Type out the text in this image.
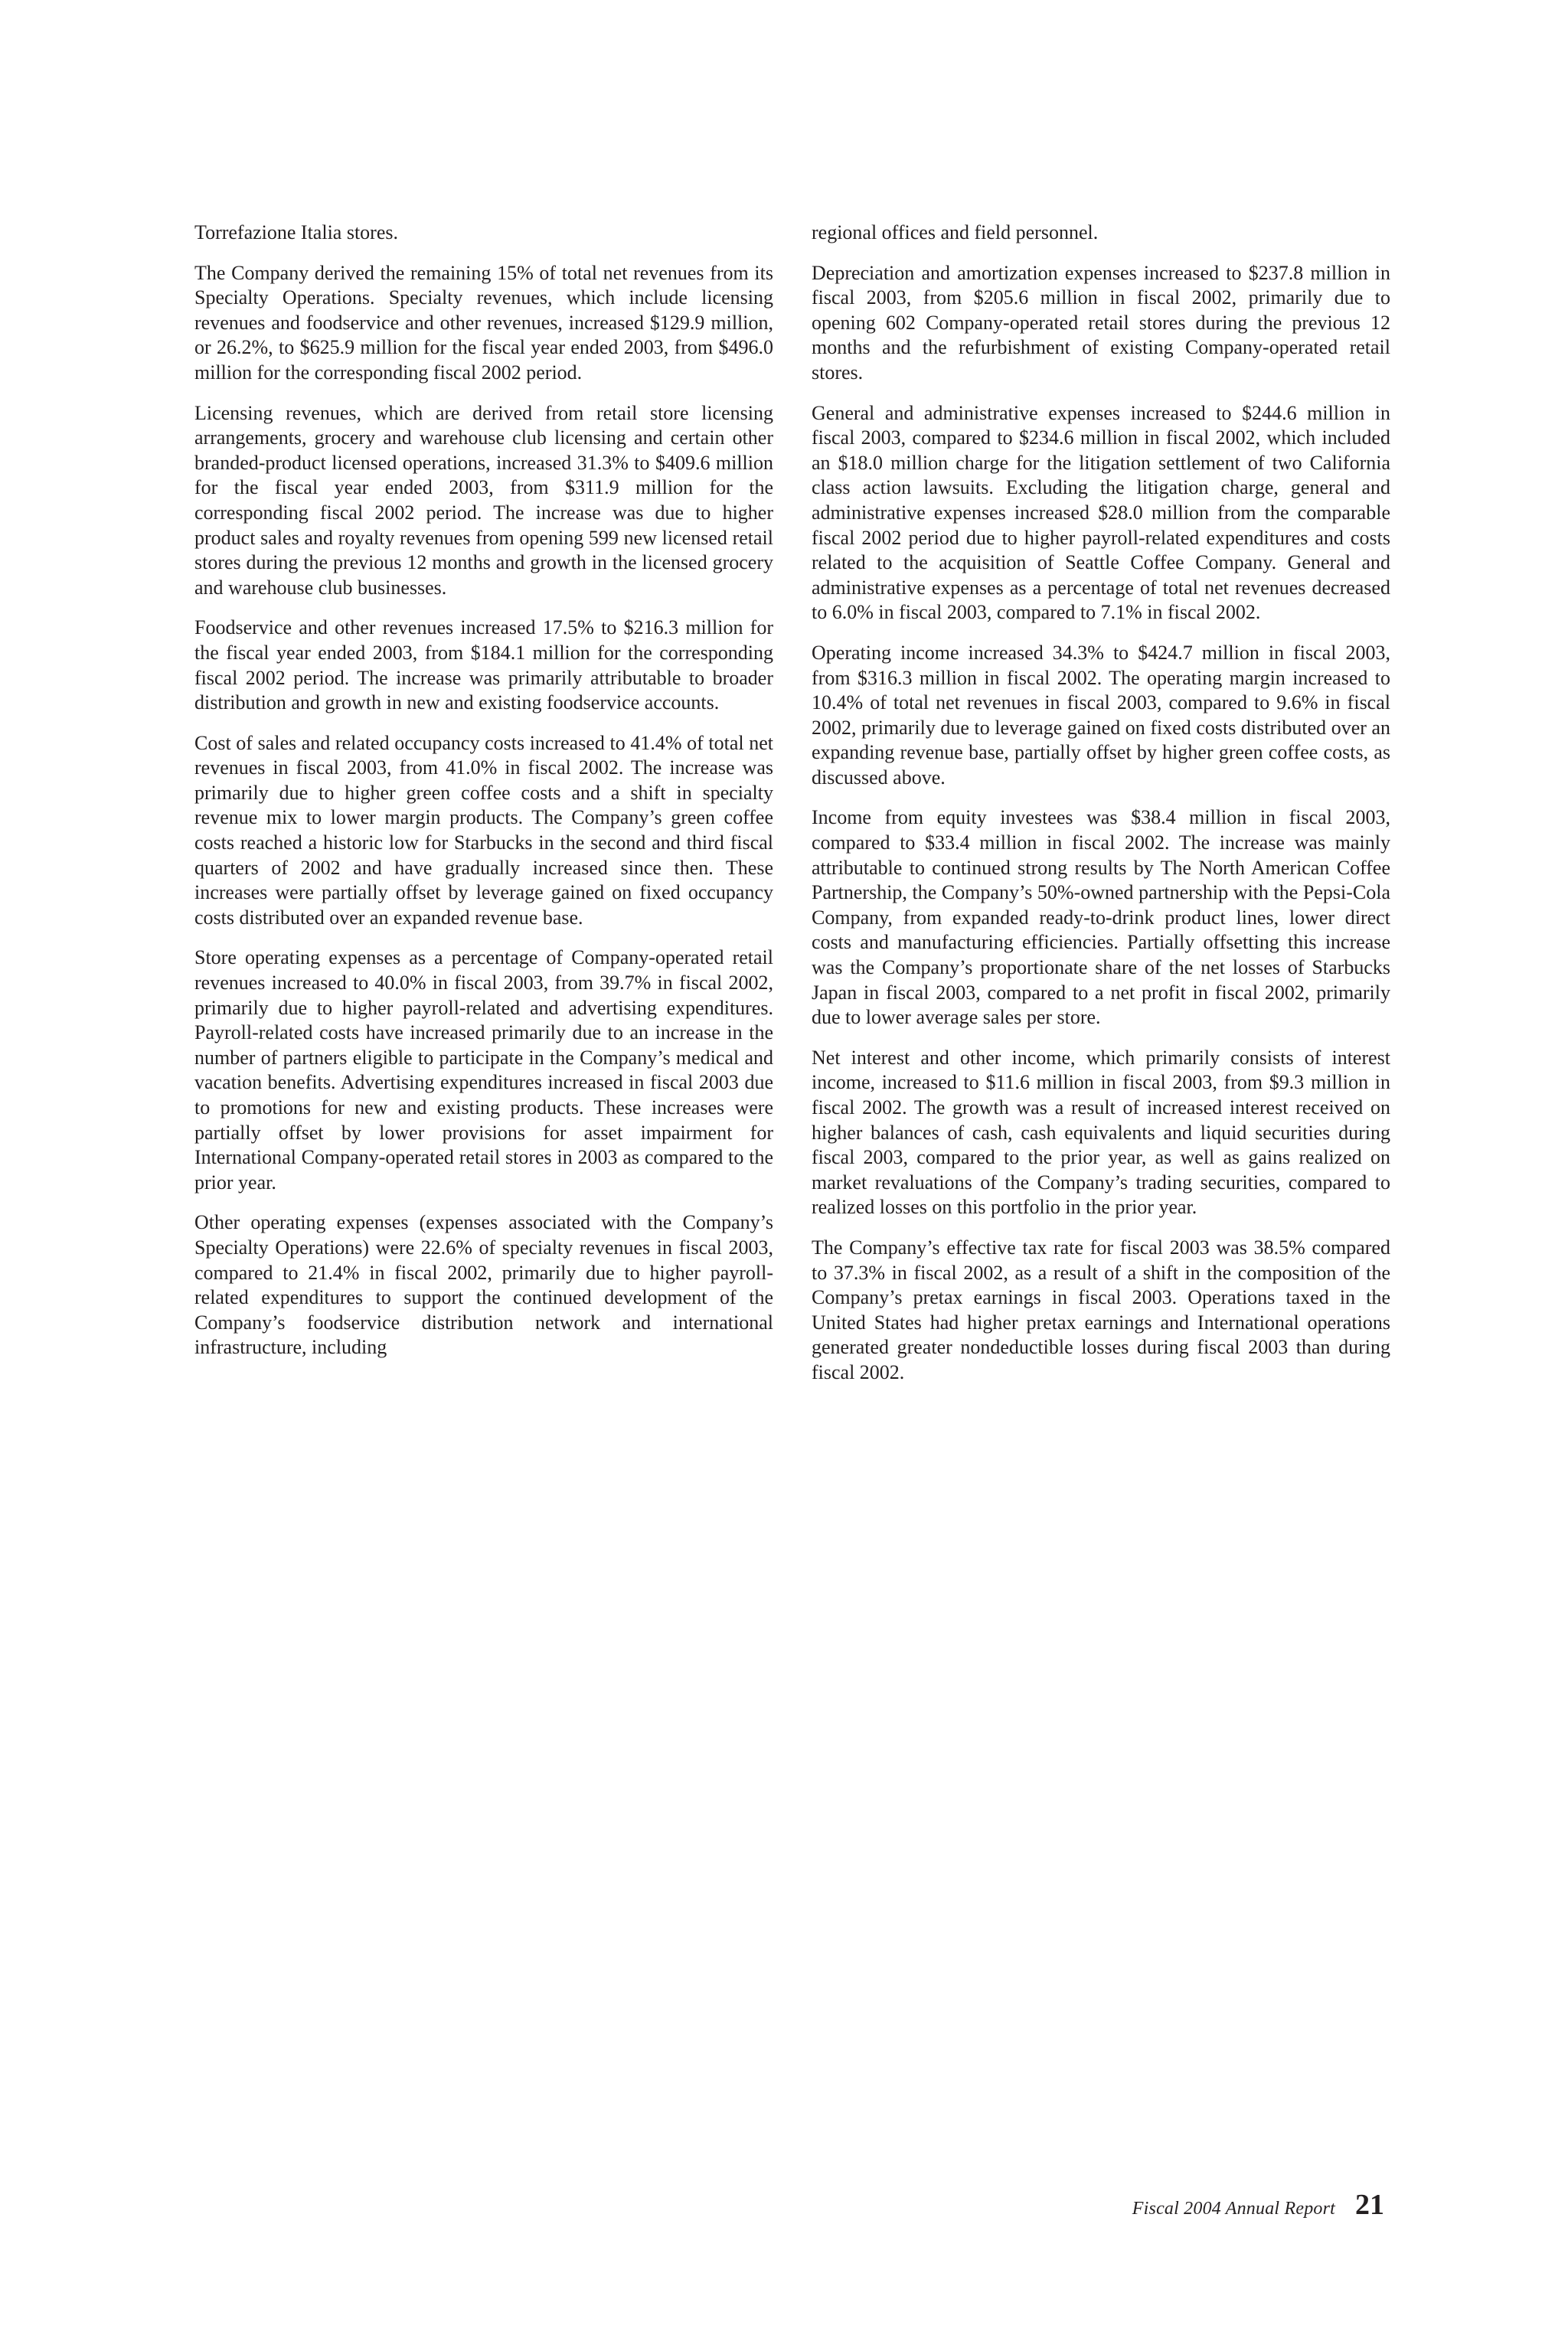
Torrefazione Italia stores.

The Company derived the remaining 15% of total net revenues from its Specialty Operations. Specialty revenues, which include licensing revenues and foodservice and other revenues, increased $129.9 million, or 26.2%, to $625.9 million for the fiscal year ended 2003, from $496.0 million for the corresponding fiscal 2002 period.

Licensing revenues, which are derived from retail store licensing arrangements, grocery and warehouse club licensing and certain other branded-product licensed operations, increased 31.3% to $409.6 million for the fiscal year ended 2003, from $311.9 million for the corresponding fiscal 2002 period. The increase was due to higher product sales and royalty revenues from opening 599 new licensed retail stores during the previous 12 months and growth in the licensed grocery and warehouse club businesses.

Foodservice and other revenues increased 17.5% to $216.3 million for the fiscal year ended 2003, from $184.1 million for the corresponding fiscal 2002 period. The increase was primarily attributable to broader distribution and growth in new and existing foodservice accounts.

Cost of sales and related occupancy costs increased to 41.4% of total net revenues in fiscal 2003, from 41.0% in fiscal 2002. The increase was primarily due to higher green coffee costs and a shift in specialty revenue mix to lower margin products. The Company’s green coffee costs reached a historic low for Starbucks in the second and third fiscal quarters of 2002 and have gradually increased since then. These increases were partially offset by leverage gained on fixed occupancy costs distributed over an expanded revenue base.

Store operating expenses as a percentage of Company-operated retail revenues increased to 40.0% in fiscal 2003, from 39.7% in fiscal 2002, primarily due to higher payroll-related and advertising expenditures. Payroll-related costs have increased primarily due to an increase in the number of partners eligible to participate in the Company’s medical and vacation benefits. Advertising expenditures increased in fiscal 2003 due to promotions for new and existing products. These increases were partially offset by lower provisions for asset impairment for International Company-operated retail stores in 2003 as compared to the prior year.

Other operating expenses (expenses associated with the Company’s Specialty Operations) were 22.6% of specialty revenues in fiscal 2003, compared to 21.4% in fiscal 2002, primarily due to higher payroll-related expenditures to support the continued development of the Company’s foodservice distribution network and international infrastructure, including

regional offices and field personnel.

Depreciation and amortization expenses increased to $237.8 million in fiscal 2003, from $205.6 million in fiscal 2002, primarily due to opening 602 Company-operated retail stores during the previous 12 months and the refurbishment of existing Company-operated retail stores.

General and administrative expenses increased to $244.6 million in fiscal 2003, compared to $234.6 million in fiscal 2002, which included an $18.0 million charge for the litigation settlement of two California class action lawsuits. Excluding the litigation charge, general and administrative expenses increased $28.0 million from the comparable fiscal 2002 period due to higher payroll-related expenditures and costs related to the acquisition of Seattle Coffee Company. General and administrative expenses as a percentage of total net revenues decreased to 6.0% in fiscal 2003, compared to 7.1% in fiscal 2002.

Operating income increased 34.3% to $424.7 million in fiscal 2003, from $316.3 million in fiscal 2002. The operating margin increased to 10.4% of total net revenues in fiscal 2003, compared to 9.6% in fiscal 2002, primarily due to leverage gained on fixed costs distributed over an expanding revenue base, partially offset by higher green coffee costs, as discussed above.

Income from equity investees was $38.4 million in fiscal 2003, compared to $33.4 million in fiscal 2002. The increase was mainly attributable to continued strong results by The North American Coffee Partnership, the Company’s 50%-owned partnership with the Pepsi-Cola Company, from expanded ready-to-drink product lines, lower direct costs and manufacturing efficiencies. Partially offsetting this increase was the Company’s proportionate share of the net losses of Starbucks Japan in fiscal 2003, compared to a net profit in fiscal 2002, primarily due to lower average sales per store.

Net interest and other income, which primarily consists of interest income, increased to $11.6 million in fiscal 2003, from $9.3 million in fiscal 2002. The growth was a result of increased interest received on higher balances of cash, cash equivalents and liquid securities during fiscal 2003, compared to the prior year, as well as gains realized on market revaluations of the Company’s trading securities, compared to realized losses on this portfolio in the prior year.

The Company’s effective tax rate for fiscal 2003 was 38.5% compared to 37.3% in fiscal 2002, as a result of a shift in the composition of the Company’s pretax earnings in fiscal 2003. Operations taxed in the United States had higher pretax earnings and International operations generated greater nondeductible losses during fiscal 2003 than during fiscal 2002.

Fiscal 2004 Annual Report 21
